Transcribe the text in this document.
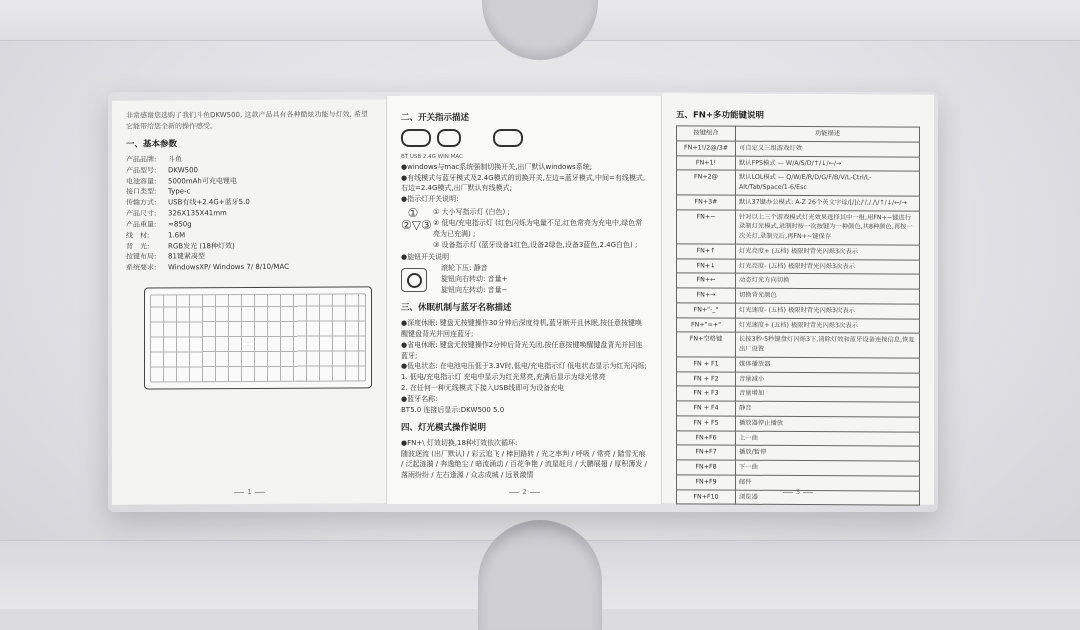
非常感谢您选购了我们斗鱼DKW500, 这款产品具有各种酷炫功能与灯效, 希望它能带给您全新的操作感受。
一、基本参数
产品品牌:	斗鱼
产品型号:	DKW500
电池容量:	5000mAh可充电锂电
接口类型:	Type-c
传输方式:	USB有线+2.4G+蓝牙5.0
产品尺寸:	326X135X41mm
产品重量:	≈850g
线　材:	1.6M
背　光:	RGB发光 (18种灯效)
按键布局:	81键紧凑型
系统要求:	WindowsXP/ Windows 7/ 8/10/MAC
1
二、开关指示描述
BT USB 2.4G WIN MAC
●windows与mac系统强制切换开关,出厂默认windows系统;
●有线模式与蓝牙模式及2.4G模式的切换开关,左边=蓝牙模式,中间=有线模式,
右边=2.4G模式,出厂默认有线模式;
●指示灯开关说明:
①
②▽③
① 大小写指示灯 (白色) ;
② 低电/充电指示灯 (红色闪烁为电量不足,红色常亮为充电中,绿色常亮为已充满) ;
③ 设备指示灯 (蓝牙设备1红色,设备2绿色,设备3蓝色,2.4G白色) ;
●旋钮开关说明
滚轮下压: 静音
旋钮向右转动: 音量+
旋钮向左转动: 音量−
三、休眠机制与蓝牙名称描述
●深度休眠: 键盘无按键操作30分钟后深度待机,蓝牙断开且休眠,按任意按键唤醒键盘背光并回连蓝牙;
●省电休眠: 键盘无按键操作2分钟后背光关闭,按任意按键唤醒键盘背光并回连蓝牙;
●低电状态: 在电池电压低于3.3V时,低电/充电指示灯 低电状态显示为红光闪烁;
1. 低电/充电指示灯 充电中显示为红光常亮,充满后显示为绿光常亮
2. 在任何一种无线模式下接入USB线即可为设备充电
●蓝牙名称:
BT5.0 连接后显示:DKW500 5.0
四、灯光模式操作说明
●FN+\ 灯效切换,18种灯效依次循环:
随波逐流 (出厂默认) / 彩云追飞 / 棒回路转 / 光之率判 / 呼吸 / 常亮 / 踏雪无痕 / 泛起涟漪 / 奔逸绝尘 / 暗流涌动 / 百花争艳 / 流星赶月 / 大鹏展翅 / 厚积薄发 / 落雨纷纷 / 左右逢源 / 众志成城 / 远景激情
2
五、FN+多功能键说明
按键组合	功能描述
FN+1!/2@/3#	可自定义三组游戏灯效
FN+1!	默认FPS模式 — W/A/S/D/↑/↓/←/→
FN+2@	默认LOL模式 — Q/W/E/R/D/G/F/B/V/L-Ctrl/L-Alt/Tab/Space/1-6/Esc
FN+3#	默认37键办公模式: A-Z 26个英文字母/[/]/;/'/,/./\/↑/↓/←/→
FN+~	针对以上三个游戏模式灯光效果选择其中一组,用FN+~键进行录制灯光模式,录制时按一次按键为一种颜色,共8种颜色,再按一次关灯,录制完后,再FN+~键保存
FN+↑	灯光亮度+ (五档) 极限时背光闪烁3次表示
FN+↓	灯光亮度- (五档) 极限时背光闪烁3次表示
FN+←	动态灯光方向切换
FN+→	切换背光颜色
FN+"-_"	灯光速度- (五档) 极限时背光闪烁3次表示
FN+"=+"	灯光速度+ (五档) 极限时背光闪烁3次表示
FN+空格键	长按3秒-5秒键盘灯闪烁3下,清除灯效和蓝牙设备连接信息,恢复出厂设置
FN + F1	媒体播放器
FN + F2	音量减小
FN + F3	音量增加
FN + F4	静音
FN + F5	播放器停止播放
FN+F6	上一曲
FN+F7	播放/暂停
FN+F8	下一曲
FN+F9	邮件
FN+F10	浏览器
3
